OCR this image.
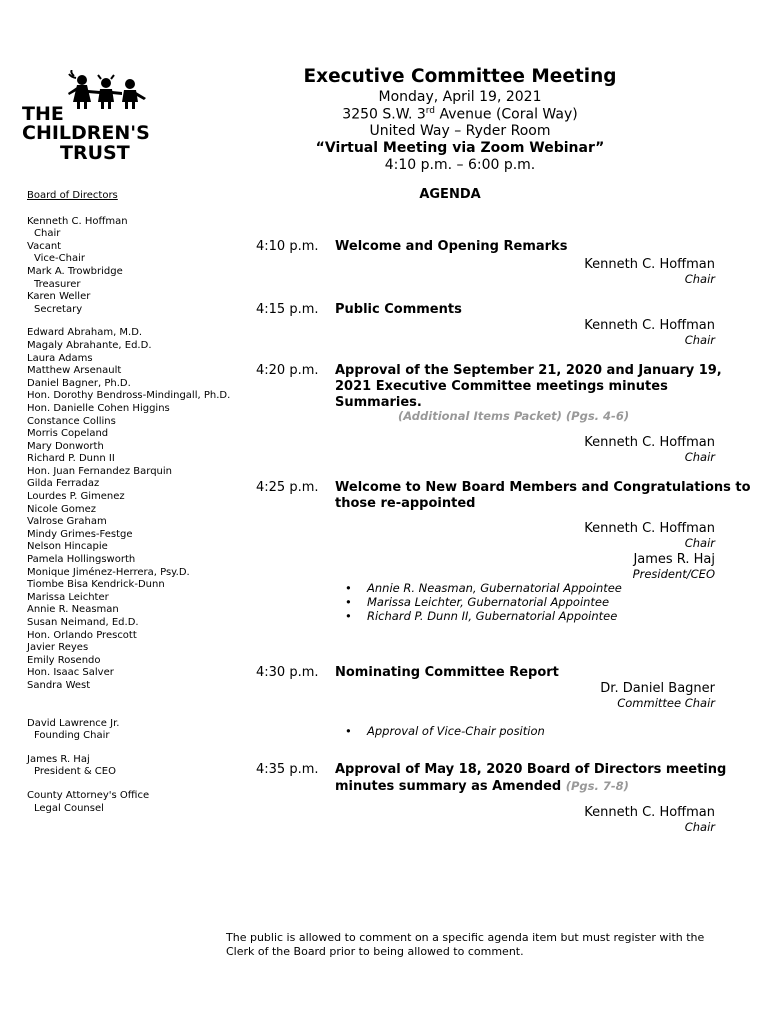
THE
CHILDREN'S
TRUST
Executive Committee Meeting
Monday, April 19, 2021
3250 S.W. 3rd Avenue (Coral Way)
United Way – Ryder Room
“Virtual Meeting via Zoom Webinar”
4:10 p.m. – 6:00 p.m.
AGENDA
Board of Directors
Kenneth C. Hoffman
Chair
Vacant
Vice-Chair
Mark A. Trowbridge
Treasurer
Karen Weller
Secretary
Edward Abraham, M.D.
Magaly Abrahante, Ed.D.
Laura Adams
Matthew Arsenault
Daniel Bagner, Ph.D.
Hon. Dorothy Bendross-Mindingall, Ph.D.
Hon. Danielle Cohen Higgins
Constance Collins
Morris Copeland
Mary Donworth
Richard P. Dunn II
Hon. Juan Fernandez Barquin
Gilda Ferradaz
Lourdes P. Gimenez
Nicole Gomez
Valrose Graham
Mindy Grimes-Festge
Nelson Hincapie
Pamela Hollingsworth
Monique Jiménez-Herrera, Psy.D.
Tiombe Bisa Kendrick-Dunn
Marissa Leichter
Annie R. Neasman
Susan Neimand, Ed.D.
Hon. Orlando Prescott
Javier Reyes
Emily Rosendo
Hon. Isaac Salver
Sandra West
David Lawrence Jr.
Founding Chair
James R. Haj
President & CEO
County Attorney's Office
Legal Counsel
4:10 p.m. Welcome and Opening Remarks
Kenneth C. Hoffman
Chair
4:15 p.m. Public Comments
Kenneth C. Hoffman
Chair
4:20 p.m. Approval of the September 21, 2020 and January 19,
2021 Executive Committee meetings minutes
Summaries.
(Additional Items Packet) (Pgs. 4-6)
Kenneth C. Hoffman
Chair
4:25 p.m. Welcome to New Board Members and Congratulations to
those re-appointed
Kenneth C. Hoffman
Chair
James R. Haj
President/CEO
• Annie R. Neasman, Gubernatorial Appointee
• Marissa Leichter, Gubernatorial Appointee
• Richard P. Dunn II, Gubernatorial Appointee
4:30 p.m. Nominating Committee Report
Dr. Daniel Bagner
Committee Chair
• Approval of Vice-Chair position
4:35 p.m. Approval of May 18, 2020 Board of Directors meeting
minutes summary as Amended (Pgs. 7-8)
Kenneth C. Hoffman
Chair
The public is allowed to comment on a specific agenda item but must register with the Clerk of the Board prior to being allowed to comment.
